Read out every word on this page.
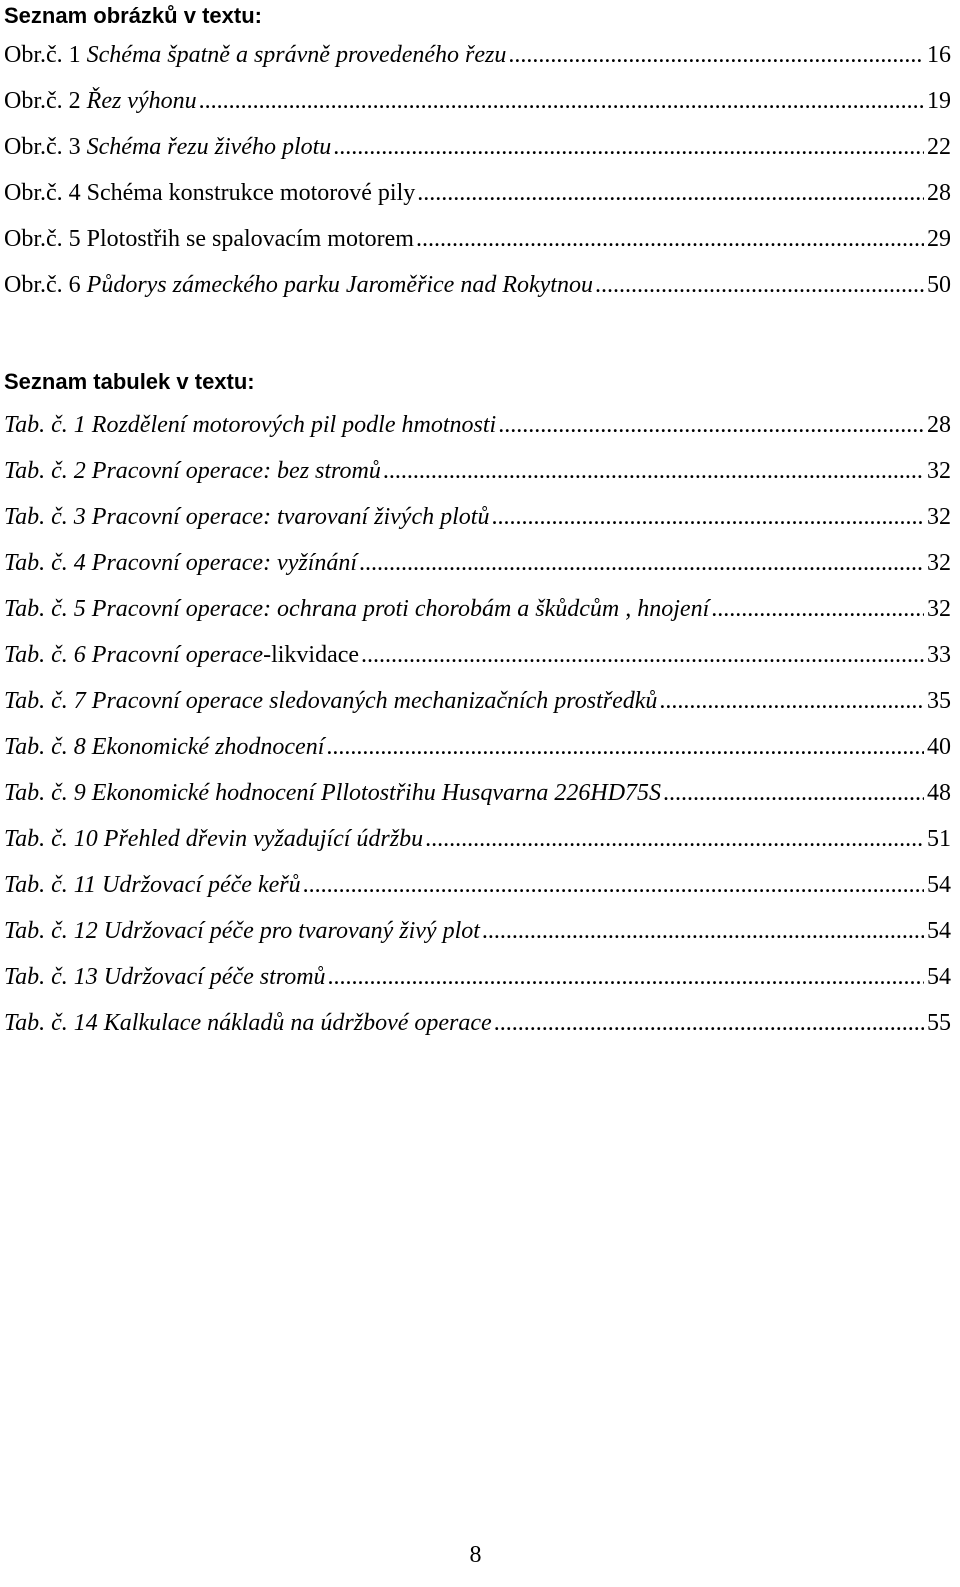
Seznam obrázků v textu:
Obr.č. 1 Schéma špatně a správně provedeného řezu .....	16
Obr.č. 2 Řez výhonu .....	19
Obr.č. 3 Schéma řezu živého plotu .....	22
Obr.č. 4 Schéma konstrukce motorové pily .....	28
Obr.č. 5 Plotostřih se spalovacím motorem .....	29
Obr.č. 6 Půdorys zámeckého parku Jaroměřice nad Rokytnou .....	50
Seznam tabulek v textu:
Tab. č. 1 Rozdělení motorových pil podle hmotnosti .....	28
Tab. č. 2 Pracovní operace: bez stromů .....	32
Tab. č. 3 Pracovní operace: tvarovaní živých plotů .....	32
Tab. č. 4 Pracovní operace: vyžínání .....	32
Tab. č. 5 Pracovní operace: ochrana proti chorobám a škůdcům , hnojení .....	32
Tab. č. 6 Pracovní operace-likvidace .....	33
Tab. č. 7 Pracovní operace sledovaných mechanizačních prostředků .....	35
Tab. č. 8 Ekonomické zhodnocení .....	40
Tab. č. 9 Ekonomické hodnocení Pllotostřihu Husqvarna 226HD75S .....	48
Tab. č. 10 Přehled dřevin vyžadující údržbu .....	51
Tab. č. 11 Udržovací péče keřů .....	54
Tab. č. 12 Udržovací péče pro tvarovaný živý plot .....	54
Tab. č. 13 Udržovací péče stromů .....	54
Tab. č. 14 Kalkulace nákladů na údržbové operace .....	55
8
